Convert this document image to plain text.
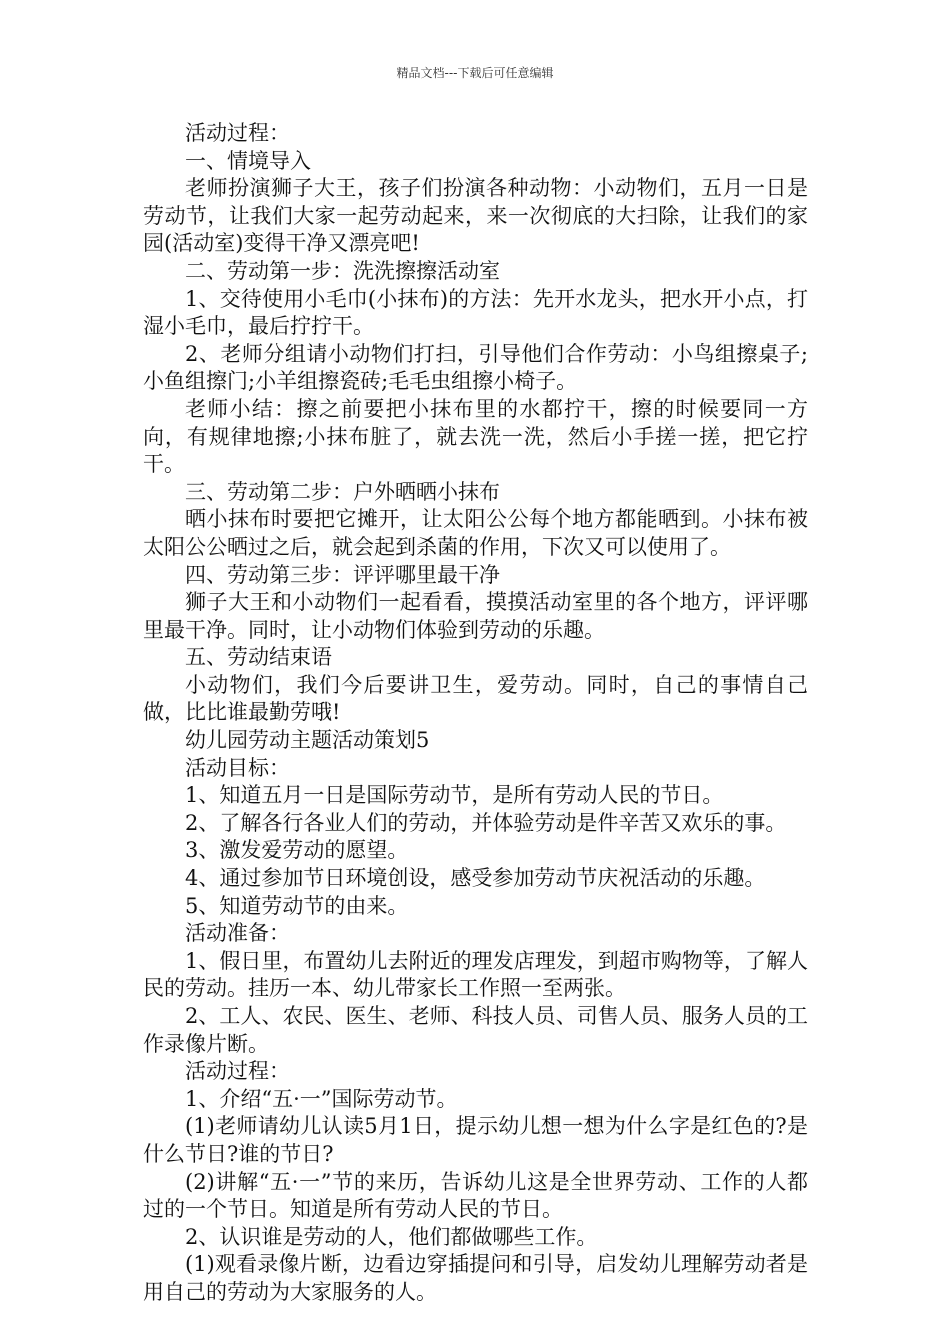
精品文档---下载后可任意编辑

活动过程：

一、情境导入

老师扮演狮子大王，孩子们扮演各种动物：小动物们，五月一日是劳动节，让我们大家一起劳动起来，来一次彻底的大扫除，让我们的家园(活动室)变得干净又漂亮吧!

二、劳动第一步：洗洗擦擦活动室

1、交待使用小毛巾(小抹布)的方法：先开水龙头，把水开小点，打湿小毛巾，最后拧拧干。

2、老师分组请小动物们打扫，引导他们合作劳动：小鸟组擦桌子;小鱼组擦门;小羊组擦瓷砖;毛毛虫组擦小椅子。

老师小结：擦之前要把小抹布里的水都拧干，擦的时候要同一方向，有规律地擦;小抹布脏了，就去洗一洗，然后小手搓一搓，把它拧干。

三、劳动第二步：户外晒晒小抹布

晒小抹布时要把它摊开，让太阳公公每个地方都能晒到。小抹布被太阳公公晒过之后，就会起到杀菌的作用，下次又可以使用了。

四、劳动第三步：评评哪里最干净

狮子大王和小动物们一起看看，摸摸活动室里的各个地方，评评哪里最干净。同时，让小动物们体验到劳动的乐趣。

五、劳动结束语

小动物们，我们今后要讲卫生，爱劳动。同时，自己的事情自己做，比比谁最勤劳哦!

幼儿园劳动主题活动策划5

活动目标：

1、知道五月一日是国际劳动节，是所有劳动人民的节日。

2、了解各行各业人们的劳动，并体验劳动是件辛苦又欢乐的事。

3、激发爱劳动的愿望。

4、通过参加节日环境创设，感受参加劳动节庆祝活动的乐趣。

5、知道劳动节的由来。

活动准备：

1、假日里，布置幼儿去附近的理发店理发，到超市购物等，了解人民的劳动。挂历一本、幼儿带家长工作照一至两张。

2、工人、农民、医生、老师、科技人员、司售人员、服务人员的工作录像片断。

活动过程：

1、介绍“五·一”国际劳动节。

(1)老师请幼儿认读5月1日，提示幼儿想一想为什么字是红色的?是什么节日?谁的节日?

(2)讲解“五·一”节的来历，告诉幼儿这是全世界劳动、工作的人都过的一个节日。知道是所有劳动人民的节日。

2、认识谁是劳动的人，他们都做哪些工作。

(1)观看录像片断，边看边穿插提问和引导，启发幼儿理解劳动者是用自己的劳动为大家服务的人。
